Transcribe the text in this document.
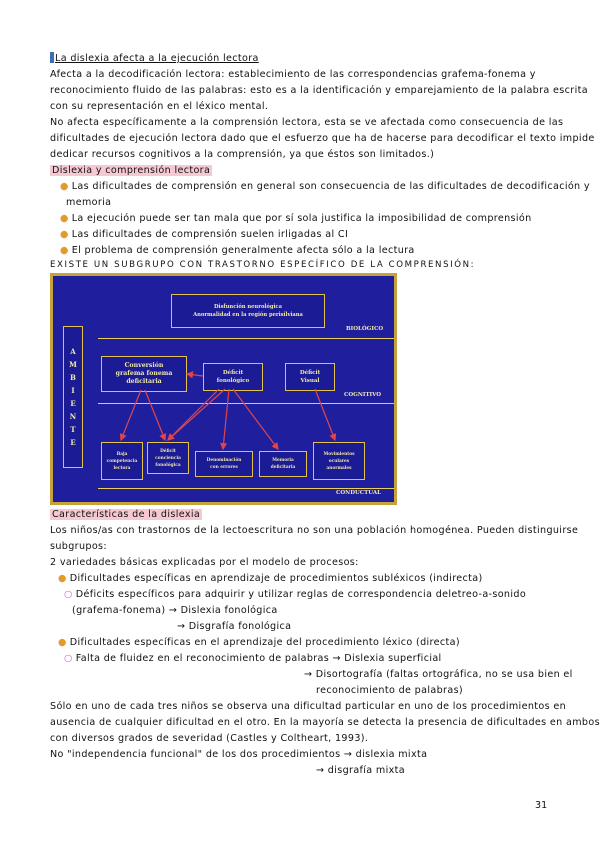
La dislexia afecta a la ejecución lectora
Afecta a la decodificación lectora: establecimiento de las correspondencias grafema-fonema y
reconocimiento fluido de las palabras: esto es a la identificación y emparejamiento de la palabra escrita
con su representación en el léxico mental.
No afecta específicamente a la comprensión lectora, esta se ve afectada como consecuencia de las
dificultades de ejecución lectora dado que el esfuerzo que ha de hacerse para decodificar el texto impide
dedicar recursos cognitivos a la comprensión, ya que éstos son limitados.)
Dislexia y comprensión lectora
● Las dificultades de comprensión en general son consecuencia de las dificultades de decodificación y
memoria
● La ejecución puede ser tan mala que por sí sola justifica la imposibilidad de comprensión
● Las dificultades de comprensión suelen irligadas al CI
● El problema de comprensión generalmente afecta sólo a la lectura
EXISTE UN SUBGRUPO CON TRASTORNO ESPECÍFICO DE LA COMPRENSIÓN:
A
M
B
I
E
N
T
E
Disfunción neurológica
Anormalidad en la región perisilviana
BIOLÓGICO
Conversión
grafema fonema
deficitaria
Déficit
fonológico
Déficit
Visual
COGNITIVO
Baja
competencia
lectora
Déficit
conciencia
fonológica
Denominación
con errores
Memoria
deficitaria
Movimientos
oculares
anormales
CONDUCTUAL
Características de la dislexia
Los niños/as con trastornos de la lectoescritura no son una población homogénea. Pueden distinguirse
subgrupos:
2 variedades básicas explicadas por el modelo de procesos:
● Dificultades específicas en aprendizaje de procedimientos subléxicos (indirecta)
○ Déficits específicos para adquirir y utilizar reglas de correspondencia deletreo-a-sonido
(grafema-fonema) → Dislexia fonológica
→ Disgrafía fonológica
● Dificultades específicas en el aprendizaje del procedimiento léxico (directa)
○ Falta de fluidez en el reconocimiento de palabras → Dislexia superficial
→ Disortografía (faltas ortográfica, no se usa bien el
reconocimiento de palabras)
Sólo en uno de cada tres niños se observa una dificultad particular en uno de los procedimientos en
ausencia de cualquier dificultad en el otro. En la mayoría se detecta la presencia de dificultades en ambos
con diversos grados de severidad (Castles y Coltheart, 1993).
No "independencia funcional" de los dos procedimientos → dislexia mixta
→ disgrafía mixta
31
